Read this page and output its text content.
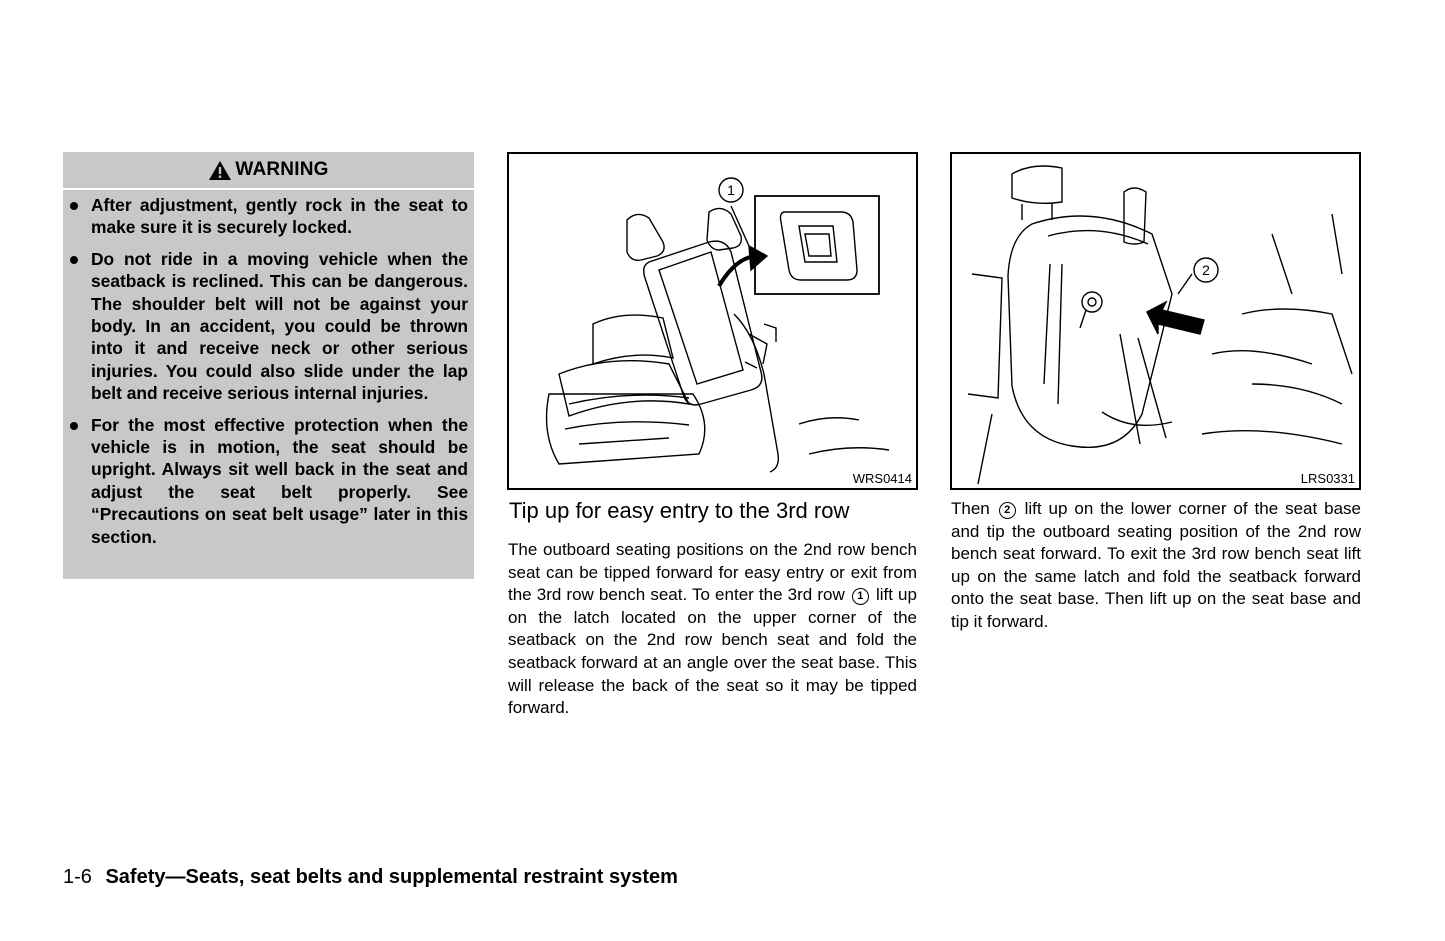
WARNING
After adjustment, gently rock in the seat to make sure it is securely locked.
Do not ride in a moving vehicle when the seatback is reclined. This can be dangerous. The shoulder belt will not be against your body. In an accident, you could be thrown into it and receive neck or other serious injuries. You could also slide under the lap belt and receive serious internal injuries.
For the most effective protection when the vehicle is in motion, the seat should be upright. Always sit well back in the seat and adjust the seat belt properly. See “Precautions on seat belt usage” later in this section.
1
WRS0414
2
LRS0331
Tip up for easy entry to the 3rd row
The outboard seating positions on the 2nd row bench seat can be tipped forward for easy entry or exit from the 3rd row bench seat. To enter the 3rd row 1 lift up on the latch located on the upper corner of the seatback on the 2nd row bench seat and fold the seatback forward at an angle over the seat base. This will release the back of the seat so it may be tipped forward.
Then 2 lift up on the lower corner of the seat base and tip the outboard seating position of the 2nd row bench seat forward. To exit the 3rd row bench seat lift up on the same latch and fold the seatback forward onto the seat base. Then lift up on the seat base and tip it forward.
1-6 Safety—Seats, seat belts and supplemental restraint system
